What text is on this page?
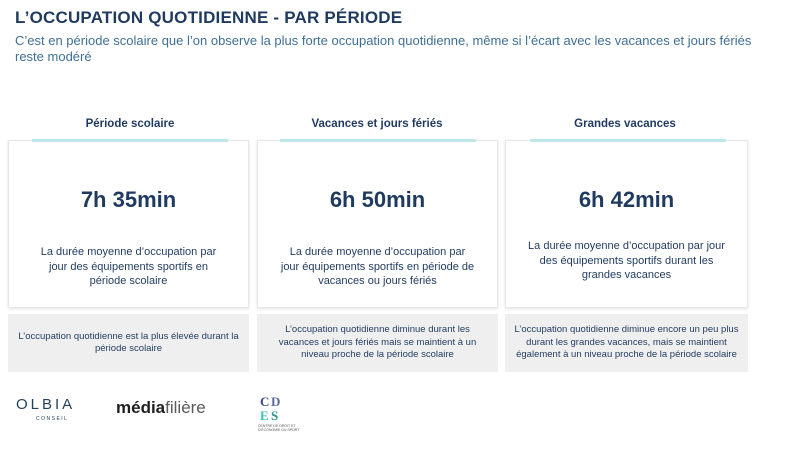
L’OCCUPATION QUOTIDIENNE - PAR PÉRIODE
C’est en période scolaire que l’on observe la plus forte occupation quotidienne, même si l’écart avec les vacances et jours fériés reste modéré
Période scolaire
7h 35min
La durée moyenne d’occupation par jour des équipements sportifs en période scolaire
L’occupation quotidienne est la plus élevée durant la période scolaire
Vacances et jours fériés
6h 50min
La durée moyenne d’occupation par jour équipements sportifs en période de vacances ou jours fériés
L’occupation quotidienne diminue durant les vacances et jours fériés mais se maintient à un niveau proche de la période scolaire
Grandes vacances
6h 42min
La durée moyenne d’occupation par jour des équipements sportifs durant les grandes vacances
L’occupation quotidienne diminue encore un peu plus durant les grandes vacances, mais se maintient également à un niveau proche de la période scolaire
OLBIA
CONSEIL
médiafilière	C D
E S
CENTRE DE DROIT ET D’ÉCONOMIE DU SPORT
